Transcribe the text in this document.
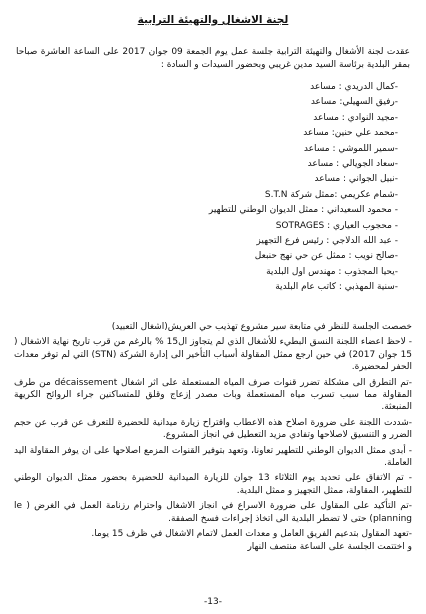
لجنة الاشغال والتهيئة الترابية
عقدت لجنة الأشغال والتهيئة الترابية جلسة عمل يوم الجمعة 09 جوان 2017 على الساعة العاشرة صباحا بمقر البلدية برئاسة السيد مدين غريبي وبحضور السيدات و السادة :
-كمال الدريدي : مساعد
-رفيق السهيلي: مساعد
-مجيد النوادي : مساعد
-محمد علي حنين: مساعد
-سمير اللموشي : مساعد
-سعاد الجويالي : مساعد
-نبيل الجواني : مساعد
-شمام عكريمي :ممثل شركة S.T.N
- محمود السعيداني : ممثل الديوان الوطني للتطهير
- محجوب العياري : SOTRAGES
- عبد الله الدلاجي : رئيس فرع التجهيز
-صالح نويب : ممثل عن حي نهج حنبعل
-يحيا المجذوب : مهندس اول البلدية
-سنية المهذبي : كاتب عام البلدية

خصصت الجلسة للنظر في متابعة سير مشروع تهذيب حي العريش(اشغال التعبيد)

- لاحظ اعضاء اللجنة النسق البطيء للأشغال الذي لم يتجاوز ال15 % بالرغم من قرب تاريخ نهاية الاشغال ( 15 جوان 2017) في حين ارجع ممثل المقاولة أسباب التأخير الى إدارة الشركة (STN) التي لم توفر معدات الحفر لمحضيرة.

-تم التطرق الى مشكلة تضرر قنوات صرف المياه المستعملة على اثر اشغال décaissement من طرف المقاولة مما سبب تسرب مياه المستعملة وبات مصدر إزعاج وقلق للمتساكنين جراء الروائح الكريهة المنبعثة.

-شددت اللجنة على ضرورة اصلاح هذه الاعطاب واقتراح زيارة ميدانية للحضيرة للتعرف عن قرب عن حجم الضرر و التنسيق لاصلاحها وتفادي مزيد التعطيل في انجاز المشروع.

- أبدى ممثل الديوان الوطني للتطهير تعاونا، وتعهد بتوفير القنوات المزمع اصلاحها على ان يوفر المقاولة اليد العاملة.

- تم الاتفاق على تحديد يوم الثلاثاء 13 جوان للزيارة الميدانية للحضيرة بحضور ممثل الديوان الوطني للتطهير، المقاولة، ممثل التجهيز و ممثل البلدية.

-تم التأكيد على المقاول على ضرورة الاسراع في انجاز الاشغال واحترام رزنامة العمل في الغرض ( le planning) حتى لا تضطر البلدية الى اتخاذ إجراءات فسخ الصفقة.

-تعهد المقاول بتدعيم الفريق العامل و معدات العمل لاتمام الاشغال في ظرف 15 يوما.

و اختتمت الجلسة على الساعة منتصف النهار

-13-
